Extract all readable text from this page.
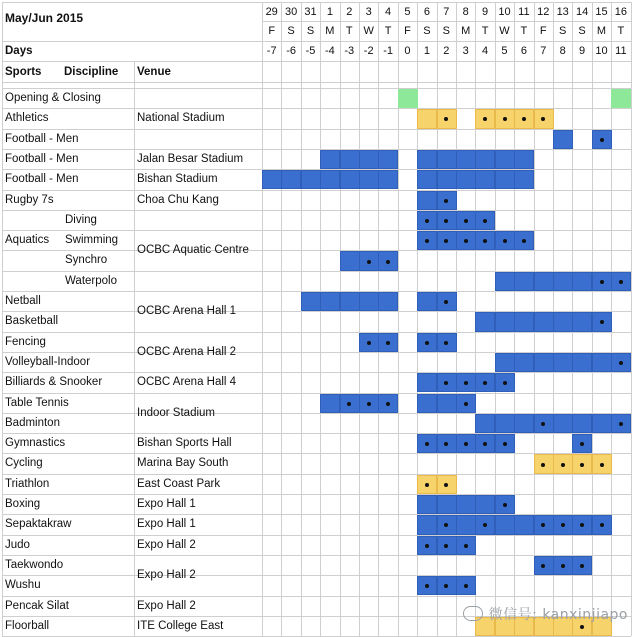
May/Jun 2015
Days
Sports Discipline Venue
29
F
-7
30
S
-6
31
S
-5
1
M
-4
2
T
-3
3
W
-2
4
T
-1
5
F
0
6
S
1
7
S
2
8
M
3
9
T
4
10
W
5
11
T
6
12
F
7
13
S
8
14
S
9
15
M
10
16
T
11
Opening & Closing
Athletics
Football - Men
Football - Men
Football - Men
Rugby 7s
Diving
Aquatics Swimming
Synchro
Waterpolo
Netball
Basketball
Fencing
Volleyball-Indoor
Billiards & Snooker
Table Tennis
Badminton
Gymnastics
Cycling
Triathlon
Boxing
Sepaktakraw
Judo
Taekwondo
Wushu
Pencak Silat
Floorball
National Stadium
OCBC Aquatic Centre
OCBC Arena Hall 1
OCBC Arena Hall 2
Indoor Stadium
Expo Hall 2
Jalan Besar Stadium
Bishan Stadium
Choa Chu Kang
OCBC Arena Hall 4
Bishan Sports Hall
Marina Bay South
East Coast Park
Expo Hall 1
Expo Hall 1
Expo Hall 2
Expo Hall 2
ITE College East
微信号: kanxinjiapo
